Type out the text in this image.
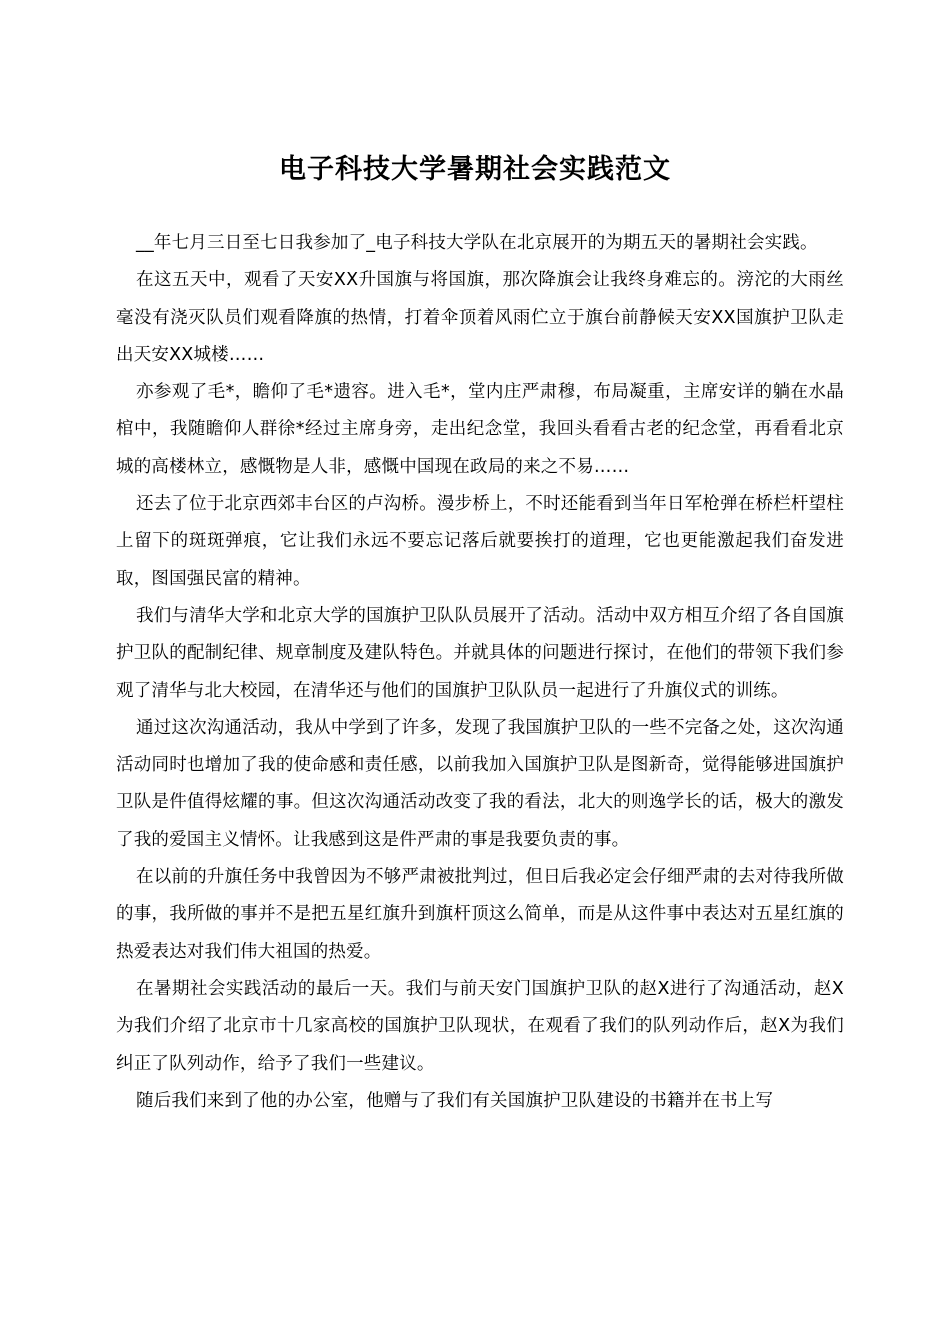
电子科技大学暑期社会实践范文

__年七月三日至七日我参加了_电子科技大学队在北京展开的为期五天的暑期社会实践。

在这五天中，观看了天安XX升国旗与将国旗，那次降旗会让我终身难忘的。滂沱的大雨丝毫没有浇灭队员们观看降旗的热情，打着伞顶着风雨伫立于旗台前静候天安XX国旗护卫队走出天安XX城楼……

亦参观了毛*，瞻仰了毛*遗容。进入毛*，堂内庄严肃穆，布局凝重，主席安详的躺在水晶棺中，我随瞻仰人群徐*经过主席身旁，走出纪念堂，我回头看看古老的纪念堂，再看看北京城的高楼林立，感慨物是人非，感慨中国现在政局的来之不易……

还去了位于北京西郊丰台区的卢沟桥。漫步桥上，不时还能看到当年日军枪弹在桥栏杆望柱上留下的斑斑弹痕，它让我们永远不要忘记落后就要挨打的道理，它也更能激起我们奋发进取，图国强民富的精神。

我们与清华大学和北京大学的国旗护卫队队员展开了活动。活动中双方相互介绍了各自国旗护卫队的配制纪律、规章制度及建队特色。并就具体的问题进行探讨，在他们的带领下我们参观了清华与北大校园，在清华还与他们的国旗护卫队队员一起进行了升旗仪式的训练。

通过这次沟通活动，我从中学到了许多，发现了我国旗护卫队的一些不完备之处，这次沟通活动同时也增加了我的使命感和责任感，以前我加入国旗护卫队是图新奇，觉得能够进国旗护卫队是件值得炫耀的事。但这次沟通活动改变了我的看法，北大的则逸学长的话，极大的激发了我的爱国主义情怀。让我感到这是件严肃的事是我要负责的事。

在以前的升旗任务中我曾因为不够严肃被批判过，但日后我必定会仔细严肃的去对待我所做的事，我所做的事并不是把五星红旗升到旗杆顶这么简单，而是从这件事中表达对五星红旗的热爱表达对我们伟大祖国的热爱。

在暑期社会实践活动的最后一天。我们与前天安门国旗护卫队的赵X进行了沟通活动，赵X为我们介绍了北京市十几家高校的国旗护卫队现状，在观看了我们的队列动作后，赵X为我们纠正了队列动作，给予了我们一些建议。

随后我们来到了他的办公室，他赠与了我们有关国旗护卫队建设的书籍并在书上写
